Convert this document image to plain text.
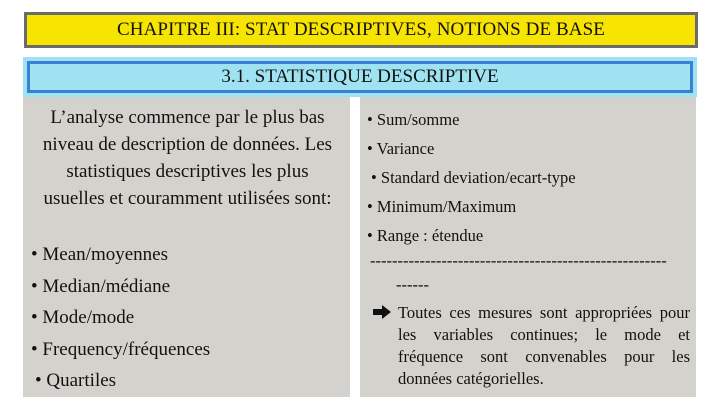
CHAPITRE III: STAT DESCRIPTIVES, NOTIONS DE BASE
3.1. STATISTIQUE DESCRIPTIVE
L’analyse commence par le plus bas niveau de description de données. Les statistiques descriptives les plus usuelles et couramment utilisées sont:
• Mean/moyennes
• Median/médiane
• Mode/mode
• Frequency/fréquences
• Quartiles
• Sum/somme
• Variance
• Standard deviation/ecart-type
• Minimum/Maximum
• Range : étendue
------------------------------------------------------
------
Toutes ces mesures sont appropriées pour les variables continues; le mode et fréquence sont convenables pour les données catégorielles.
